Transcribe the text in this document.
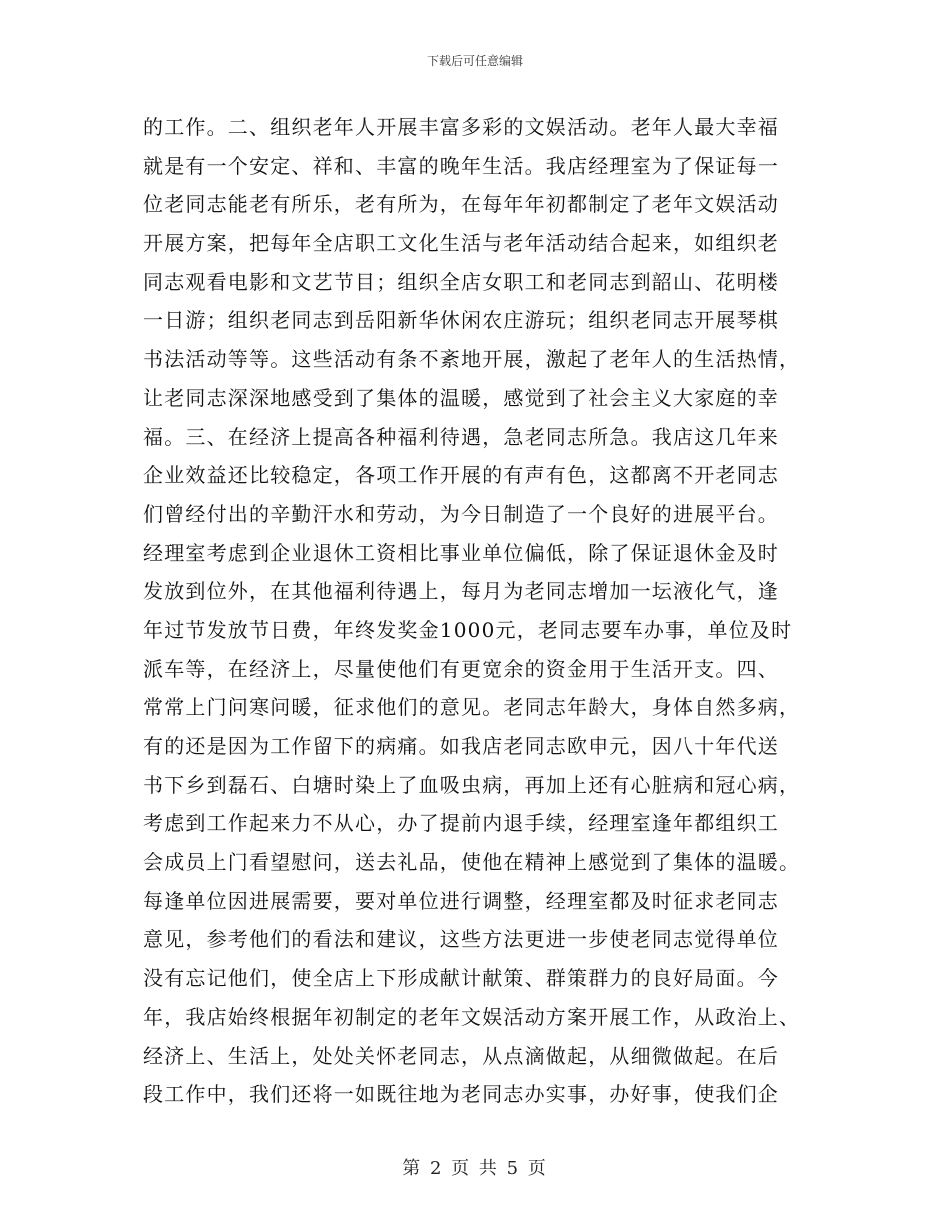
下载后可任意编辑
的工作。二、组织老年人开展丰富多彩的文娱活动。老年人最大幸福
就是有一个安定、祥和、丰富的晚年生活。我店经理室为了保证每一
位老同志能老有所乐，老有所为，在每年年初都制定了老年文娱活动
开展方案，把每年全店职工文化生活与老年活动结合起来，如组织老
同志观看电影和文艺节目；组织全店女职工和老同志到韶山、花明楼
一日游；组织老同志到岳阳新华休闲农庄游玩；组织老同志开展琴棋
书法活动等等。这些活动有条不紊地开展，激起了老年人的生活热情，
让老同志深深地感受到了集体的温暖，感觉到了社会主义大家庭的幸
福。三、在经济上提高各种福利待遇，急老同志所急。我店这几年来
企业效益还比较稳定，各项工作开展的有声有色，这都离不开老同志
们曾经付出的辛勤汗水和劳动，为今日制造了一个良好的进展平台。
经理室考虑到企业退休工资相比事业单位偏低，除了保证退休金及时
发放到位外，在其他福利待遇上，每月为老同志增加一坛液化气，逢
年过节发放节日费，年终发奖金1000元，老同志要车办事，单位及时
派车等，在经济上，尽量使他们有更宽余的资金用于生活开支。四、
常常上门问寒问暖，征求他们的意见。老同志年龄大，身体自然多病，
有的还是因为工作留下的病痛。如我店老同志欧申元，因八十年代送
书下乡到磊石、白塘时染上了血吸虫病，再加上还有心脏病和冠心病，
考虑到工作起来力不从心，办了提前内退手续，经理室逢年都组织工
会成员上门看望慰问，送去礼品，使他在精神上感觉到了集体的温暖。
每逢单位因进展需要，要对单位进行调整，经理室都及时征求老同志
意见，参考他们的看法和建议，这些方法更进一步使老同志觉得单位
没有忘记他们，使全店上下形成献计献策、群策群力的良好局面。今
年，我店始终根据年初制定的老年文娱活动方案开展工作，从政治上、
经济上、生活上，处处关怀老同志，从点滴做起，从细微做起。在后
段工作中，我们还将一如既往地为老同志办实事，办好事，使我们企
第 2 页 共 5 页
